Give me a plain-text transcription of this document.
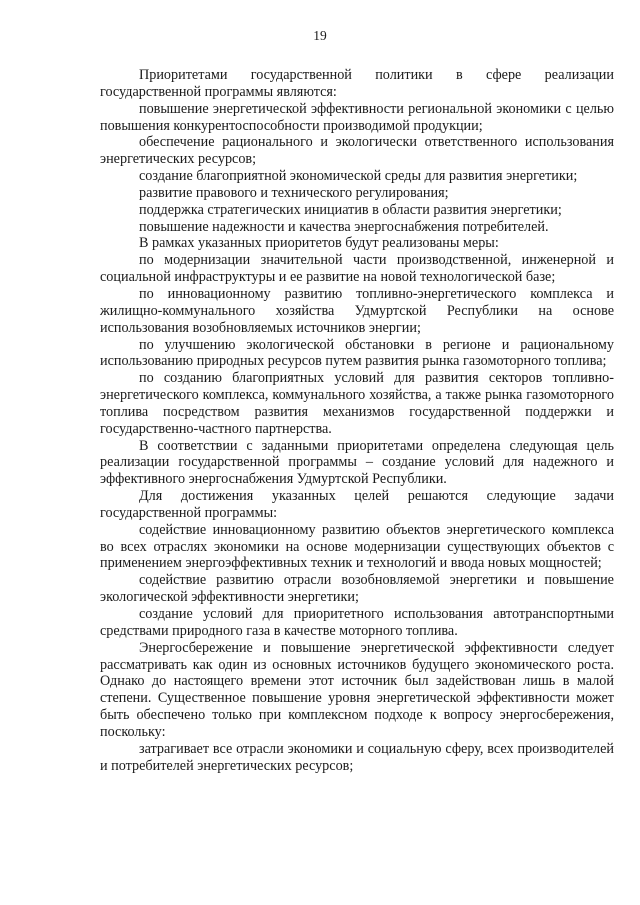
19

Приоритетами государственной политики в сфере реализации государственной программы являются:

повышение энергетической эффективности региональной экономики с целью повышения конкурентоспособности производимой продукции;

обеспечение рационального и экологически ответственного использования энергетических ресурсов;

создание благоприятной экономической среды для развития энергетики;

развитие правового и технического регулирования;

поддержка стратегических инициатив в области развития энергетики;

повышение надежности и качества энергоснабжения потребителей.

В рамках указанных приоритетов будут реализованы меры:

по модернизации значительной части производственной, инженерной и социальной инфраструктуры и ее развитие на новой технологической базе;

по инновационному развитию топливно-энергетического комплекса и жилищно-коммунального хозяйства Удмуртской Республики на основе использования возобновляемых источников энергии;

по улучшению экологической обстановки в регионе и рациональному использованию природных ресурсов путем развития рынка газомоторного топлива;

по созданию благоприятных условий для развития секторов топливно-энергетического комплекса, коммунального хозяйства, а также рынка газомоторного топлива посредством развития механизмов государственной поддержки и государственно-частного партнерства.

В соответствии с заданными приоритетами определена следующая цель реализации государственной программы – создание условий для надежного и эффективного энергоснабжения Удмуртской Республики.

Для достижения указанных целей решаются следующие задачи государственной программы:

содействие инновационному развитию объектов энергетического комплекса во всех отраслях экономики на основе модернизации существующих объектов с применением энергоэффективных техник и технологий и ввода новых мощностей;

содействие развитию отрасли возобновляемой энергетики и повышение экологической эффективности энергетики;

создание условий для приоритетного использования автотранспортными средствами природного газа в качестве моторного топлива.

Энергосбережение и повышение энергетической эффективности следует рассматривать как один из основных источников будущего экономического роста. Однако до настоящего времени этот источник был задействован лишь в малой степени. Существенное повышение уровня энергетической эффективности может быть обеспечено только при комплексном подходе к вопросу энергосбережения, поскольку:

затрагивает все отрасли экономики и социальную сферу, всех производителей и потребителей энергетических ресурсов;
